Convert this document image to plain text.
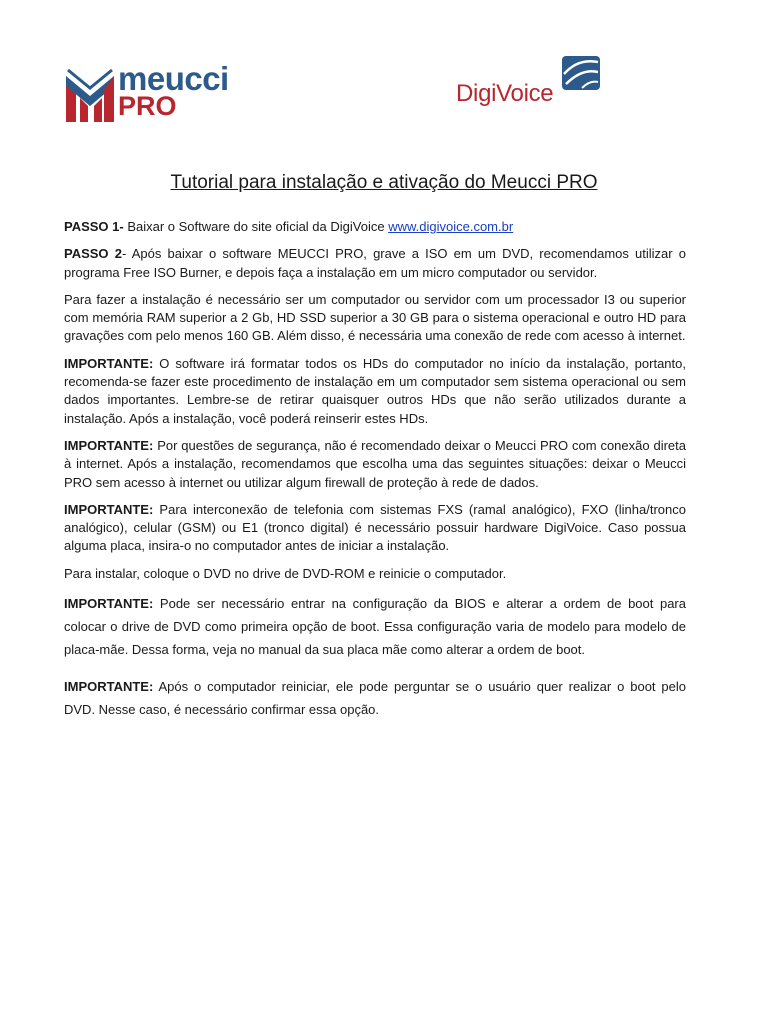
meucci
PRO	DigiVoice
Tutorial para instalação e ativação do Meucci PRO

PASSO 1- Baixar o Software do site oficial da DigiVoice www.digivoice.com.br

PASSO 2- Após baixar o software MEUCCI PRO, grave a ISO em um DVD, recomendamos utilizar o programa Free ISO Burner, e depois faça a instalação em um micro computador ou servidor.

Para fazer a instalação é necessário ser um computador ou servidor com um processador I3 ou superior com memória RAM superior a 2 Gb, HD SSD superior a 30 GB para o sistema operacional e outro HD para gravações com pelo menos 160 GB. Além disso, é necessária uma conexão de rede com acesso à internet.

IMPORTANTE: O software irá formatar todos os HDs do computador no início da instalação, portanto, recomenda-se fazer este procedimento de instalação em um computador sem sistema operacional ou sem dados importantes. Lembre-se de retirar quaisquer outros HDs que não serão utilizados durante a instalação. Após a instalação, você poderá reinserir estes HDs.

IMPORTANTE: Por questões de segurança, não é recomendado deixar o Meucci PRO com conexão direta à internet. Após a instalação, recomendamos que escolha uma das seguintes situações: deixar o Meucci PRO sem acesso à internet ou utilizar algum firewall de proteção à rede de dados.

IMPORTANTE: Para interconexão de telefonia com sistemas FXS (ramal analógico), FXO (linha/tronco analógico), celular (GSM) ou E1 (tronco digital) é necessário possuir hardware DigiVoice. Caso possua alguma placa, insira-o no computador antes de iniciar a instalação.

Para instalar, coloque o DVD no drive de DVD-ROM e reinicie o computador.

IMPORTANTE: Pode ser necessário entrar na configuração da BIOS e alterar a ordem de boot para colocar o drive de DVD como primeira opção de boot. Essa configuração varia de modelo para modelo de placa-mãe. Dessa forma, veja no manual da sua placa mãe como alterar a ordem de boot.

IMPORTANTE: Após o computador reiniciar, ele pode perguntar se o usuário quer realizar o boot pelo DVD. Nesse caso, é necessário confirmar essa opção.
